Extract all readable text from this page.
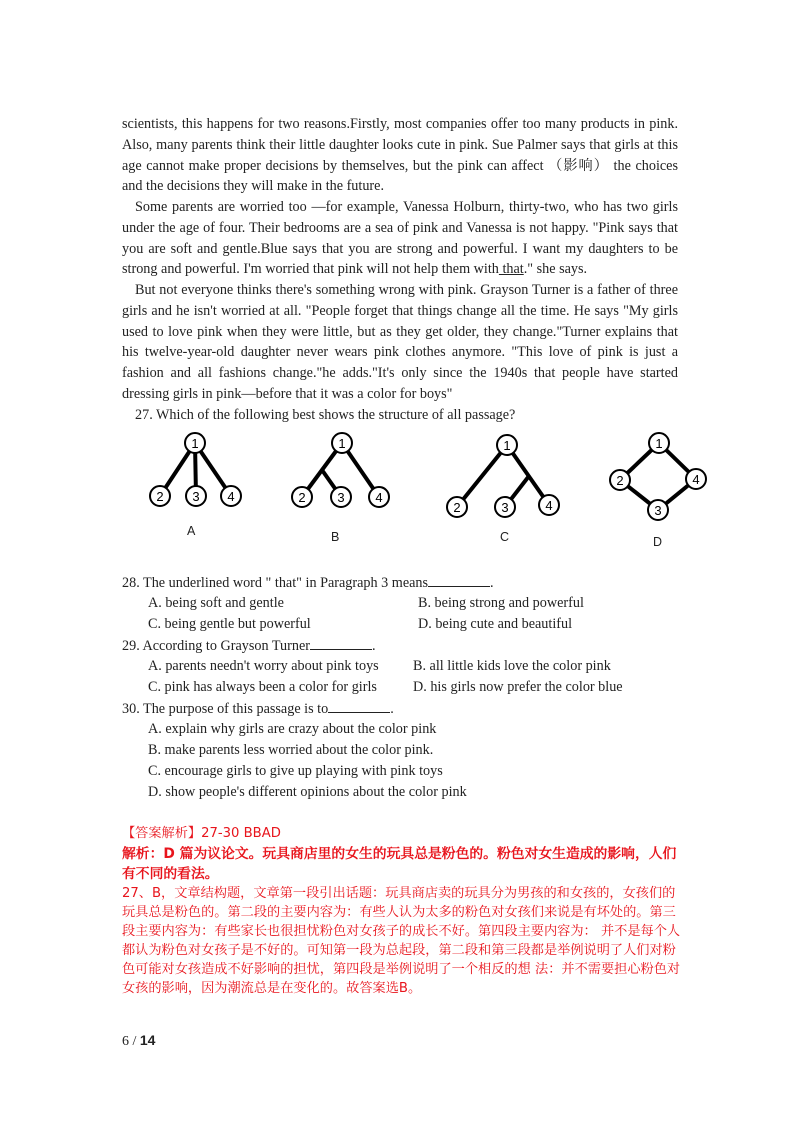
scientists, this happens for two reasons.Firstly, most companies offer too many products in pink. Also, many parents think their little daughter looks cute in pink. Sue Palmer says that girls at this age cannot make proper decisions by themselves, but the pink can affect （影响） the choices and the decisions they will make in the future.

Some parents are worried too —for example, Vanessa Holburn, thirty-two, who has two girls under the age of four. Their bedrooms are a sea of pink and Vanessa is not happy. "Pink says that you are soft and gentle.Blue says that you are strong and powerful. I want my daughters to be strong and powerful. I'm worried that pink will not help them with that." she says.

But not everyone thinks there's something wrong with pink. Grayson Turner is a father of three girls and he isn't worried at all. "People forget that things change all the time. He says "My girls used to love pink when they were little, but as they get older, they change."Turner explains that his twelve-year-old daughter never wears pink clothes anymore. "This love of pink is just a fashion and all fashions change."he adds."It's only since the 1940s that people have started dressing girls in pink—before that it was a color for boys"

27. Which of the following best shows the structure of all passage?
1
2 3 4
A
1
2 3 4
B
1
2	3	4
C
1
2
3
4
D
28. The underlined word " that" in Paragraph 3 means	.
A. being soft and gentle	B. being strong and powerful
C. being gentle but powerful	D. being cute and beautiful
29. According to Grayson Turner	.
A. parents needn't worry about pink toys B. all little kids love the color pink
C. pink has always been a color for girls	D. his girls now prefer the color blue
30. The purpose of this passage is to	.
A. explain why girls are crazy about the color pink
B. make parents less worried about the color pink.
C. encourage girls to give up playing with pink toys
D. show people's different opinions about the color pink

【答案解析】27-30 BBAD

解析：D 篇为议论文。玩具商店里的女生的玩具总是粉色的。粉色对女生造成的影响，人们有不同的看法。

27、B，文章结构题，文章第一段引出话题：玩具商店卖的玩具分为男孩的和女孩的，女孩们的玩具总是粉色的。第二段的主要内容为：有些人认为太多的粉色对女孩们来说是有坏处的。第三段主要内容为：有些家长也很担忧粉色对女孩子的成长不好。第四段主要内容为： 并不是每个人都认为粉色对女孩子是不好的。可知第一段为总起段，第二段和第三段都是举例说明了人们对粉色可能对女孩造成不好影响的担忧，第四段是举例说明了一个相反的想 法：并不需要担心粉色对女孩的影响，因为潮流总是在变化的。故答案选B。

6 / 14
